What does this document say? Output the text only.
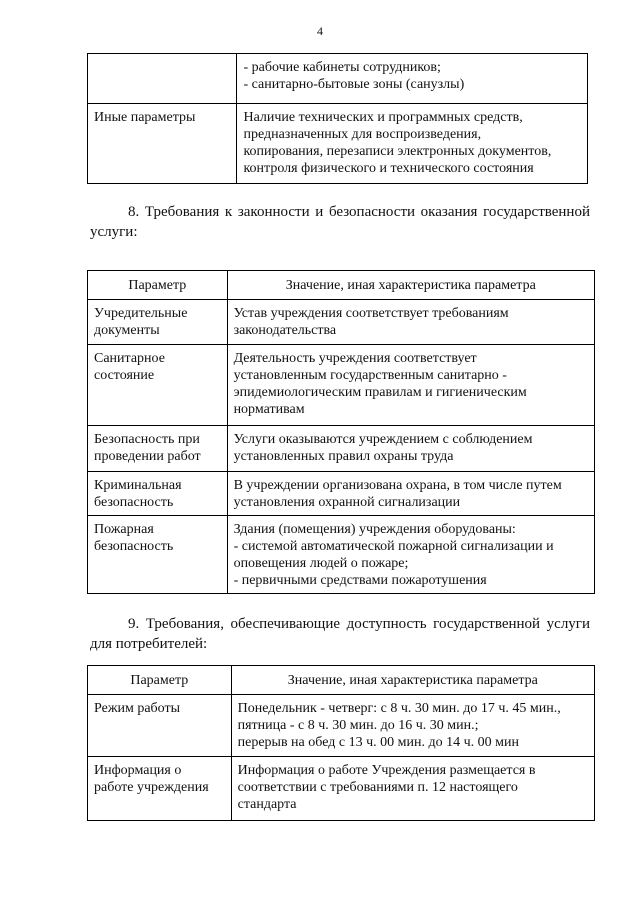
4

	- рабочие кабинеты сотрудников;
- санитарно-бытовые зоны (санузлы)

Иные параметры	Наличие технических и программных средств,
предназначенных для воспроизведения,
копирования, перезаписи электронных документов,
контроля физического и технического состояния
8. Требования к законности и безопасности оказания государственной
услуги:
Параметр	Значение, иная характеристика параметра

Учредительные
документы	Устав учреждения соответствует требованиям
законодательства

Санитарное
состояние	Деятельность учреждения соответствует
установленным государственным санитарно -
эпидемиологическим правилам и гигиеническим
нормативам

Безопасность при
проведении работ	Услуги оказываются учреждением с соблюдением
установленных правил охраны труда

Криминальная
безопасность	В учреждении организована охрана, в том числе путем
установления охранной сигнализации

Пожарная
безопасность	Здания (помещения) учреждения оборудованы:
- системой автоматической пожарной сигнализации и
оповещения людей о пожаре;
- первичными средствами пожаротушения
9. Требования, обеспечивающие доступность государственной услуги
для потребителей:
Параметр	Значение, иная характеристика параметра

Режим работы	Понедельник - четверг: с 8 ч. 30 мин. до 17 ч. 45 мин.,
пятница - с 8 ч. 30 мин. до 16 ч. 30 мин.;
перерыв на обед с 13 ч. 00 мин. до 14 ч. 00 мин

Информация о
работе учреждения	Информация о работе Учреждения размещается в
соответствии с требованиями п. 12 настоящего
стандарта
